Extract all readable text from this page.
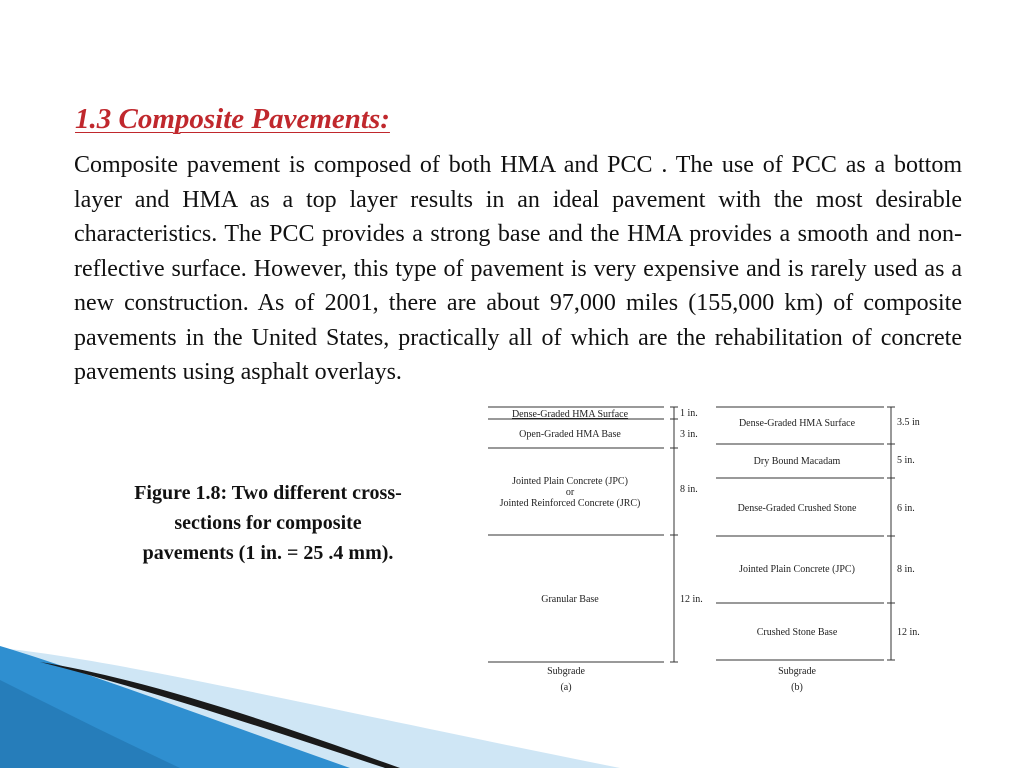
1.3 Composite Pavements:

Composite pavement is composed of both HMA and PCC . The use of PCC as a bottom layer and HMA as a top layer results in an ideal pavement with the most desirable characteristics. The PCC provides a strong base and the HMA provides a smooth and non- reflective surface. However, this type of pavement is very expensive and is rarely used as a new construction. As of 2001, there are about 97,000 miles (155,000 km) of composite pavements in the United States, practically all of which are the rehabilitation of concrete pavements using asphalt overlays.

Figure 1.8: Two different cross-
sections for composite
pavements (1 in. = 25 .4 mm).
Dense-Graded HMA Surface
Open-Graded HMA Base
Jointed Plain Concrete (JPC)
or
Jointed Reinforced Concrete (JRC)
Granular Base
Subgrade
(a)
1 in.
3 in.
8 in.
12 in.
Dense-Graded HMA Surface
Dry Bound Macadam
Dense-Graded Crushed Stone
Jointed Plain Concrete (JPC)
Crushed Stone Base
Subgrade
(b)
3.5 in
5 in.
6 in.
8 in.
12 in.
